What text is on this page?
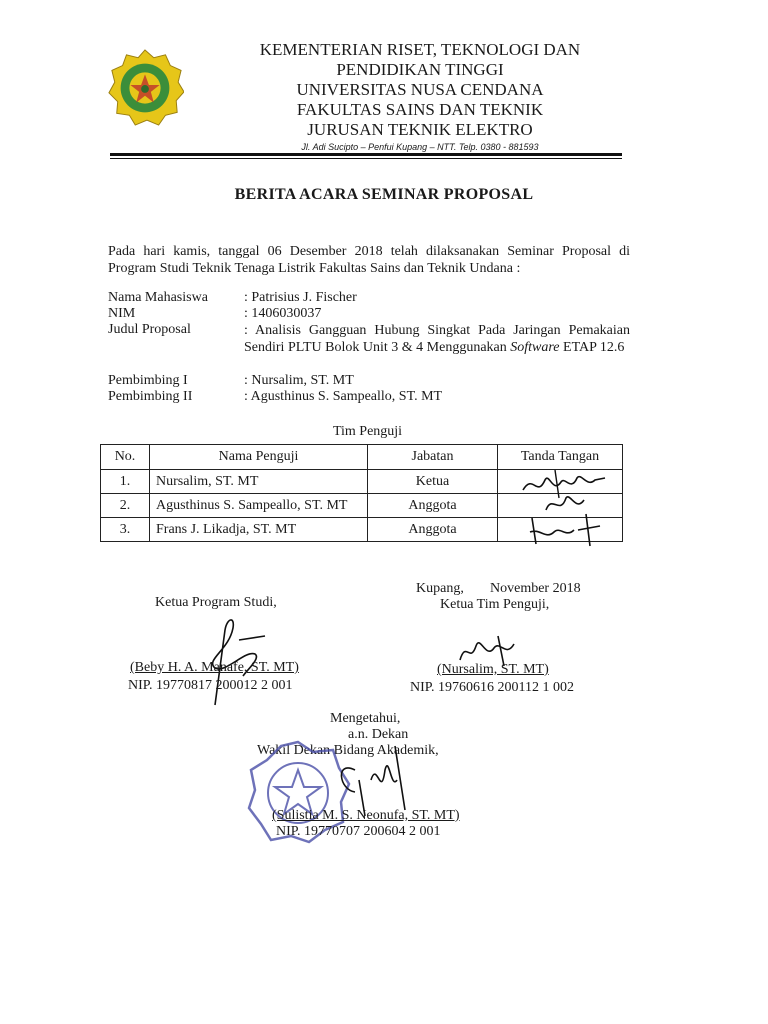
KEMENTERIAN RISET, TEKNOLOGI DAN
PENDIDIKAN TINGGI
UNIVERSITAS NUSA CENDANA
FAKULTAS SAINS DAN TEKNIK
JURUSAN TEKNIK ELEKTRO
Jl. Adi Sucipto – Penfui Kupang – NTT. Telp. 0380 - 881593
BERITA ACARA SEMINAR PROPOSAL
Pada hari kamis, tanggal 06 Desember 2018 telah dilaksanakan Seminar Proposal di
Program Studi Teknik Tenaga Listrik Fakultas Sains dan Teknik Undana :
Nama Mahasiswa	: Patrisius J. Fischer
NIM	: 1406030037
Judul Proposal	: Analisis Gangguan Hubung Singkat Pada Jaringan Pemakaian Sendiri PLTU Bolok Unit 3 & 4 Menggunakan Software ETAP 12.6
Pembimbing I	: Nursalim, ST. MT
Pembimbing II	: Agusthinus S. Sampeallo, ST. MT
Tim Penguji
No.	Nama Penguji	Jabatan	Tanda Tangan
1.	Nursalim, ST. MT	Ketua	
2.	Agusthinus S. Sampeallo, ST. MT	Anggota	
3.	Frans J. Likadja, ST. MT	Anggota	
Kupang, November 2018
Ketua Tim Penguji,
Ketua Program Studi,
(Beby H. A. Manafe, ST. MT)
NIP. 19770817 200012 2 001
(Nursalim, ST. MT)
NIP. 19760616 200112 1 002
Mengetahui,
a.n. Dekan
Wakil Dekan Bidang Akademik,
(Sulistia M. S. Neonufa, ST. MT)
NIP. 19770707 200604 2 001
